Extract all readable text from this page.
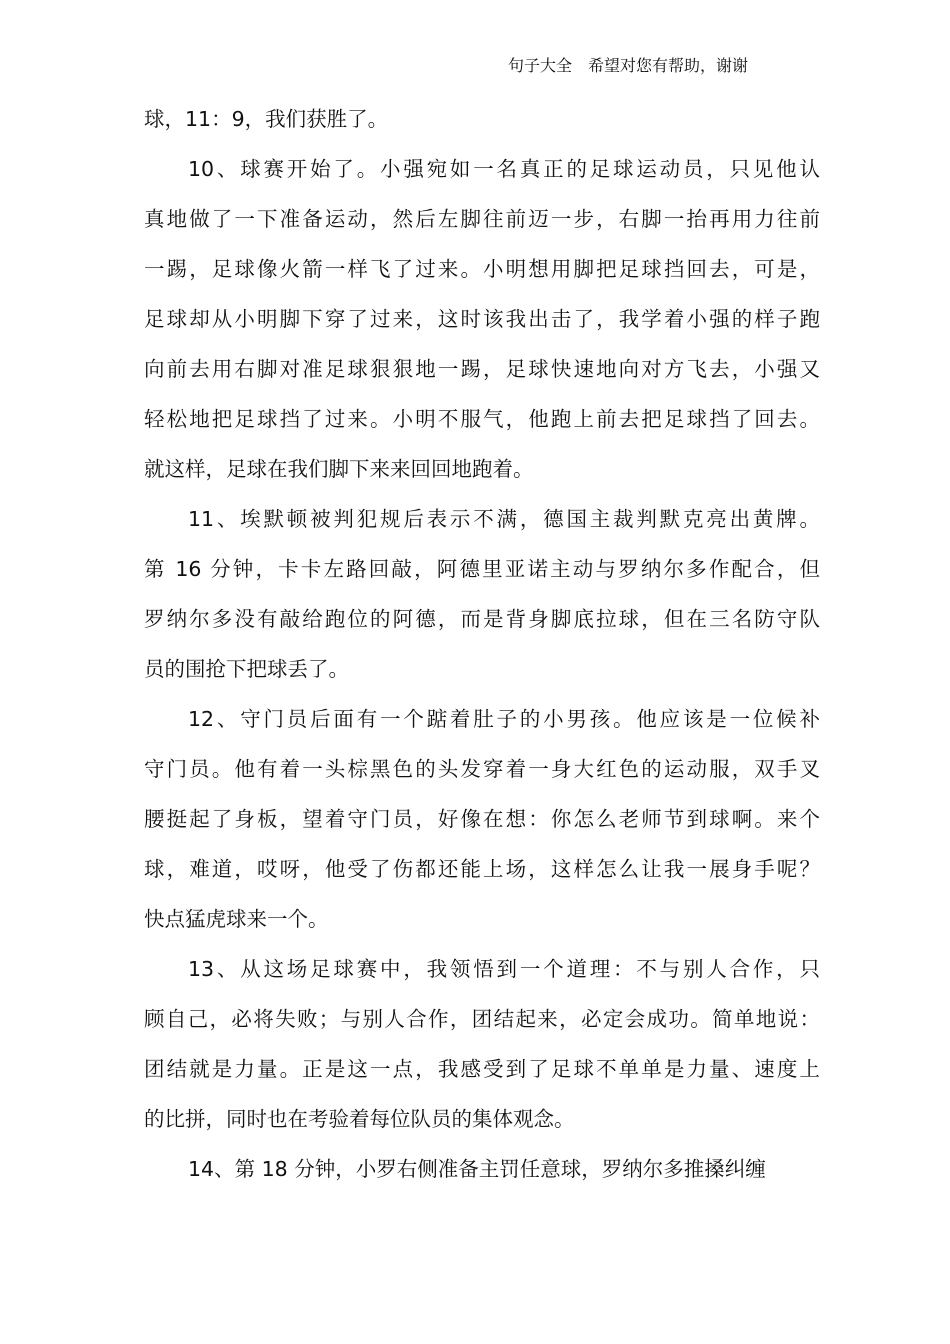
句子大全 希望对您有帮助，谢谢
球，11：9，我们获胜了。
10、球赛开始了。小强宛如一名真正的足球运动员，只见他认
真地做了一下准备运动，然后左脚往前迈一步，右脚一抬再用力往前
一踢，足球像火箭一样飞了过来。小明想用脚把足球挡回去，可是，
足球却从小明脚下穿了过来，这时该我出击了，我学着小强的样子跑
向前去用右脚对准足球狠狠地一踢，足球快速地向对方飞去，小强又
轻松地把足球挡了过来。小明不服气，他跑上前去把足球挡了回去。
就这样，足球在我们脚下来来回回地跑着。
11、埃默顿被判犯规后表示不满，德国主裁判默克亮出黄牌。
第 16 分钟，卡卡左路回敲，阿德里亚诺主动与罗纳尔多作配合，但
罗纳尔多没有敲给跑位的阿德，而是背身脚底拉球，但在三名防守队
员的围抢下把球丢了。
12、守门员后面有一个踮着肚子的小男孩。他应该是一位候补
守门员。他有着一头棕黑色的头发穿着一身大红色的运动服，双手叉
腰挺起了身板，望着守门员，好像在想：你怎么老师节到球啊。来个
球，难道，哎呀，他受了伤都还能上场，这样怎么让我一展身手呢？
快点猛虎球来一个。
13、从这场足球赛中，我领悟到一个道理：不与别人合作，只
顾自己，必将失败；与别人合作，团结起来，必定会成功。简单地说：
团结就是力量。正是这一点，我感受到了足球不单单是力量、速度上
的比拼，同时也在考验着每位队员的集体观念。
14、第 18 分钟，小罗右侧准备主罚任意球，罗纳尔多推搡纠缠
